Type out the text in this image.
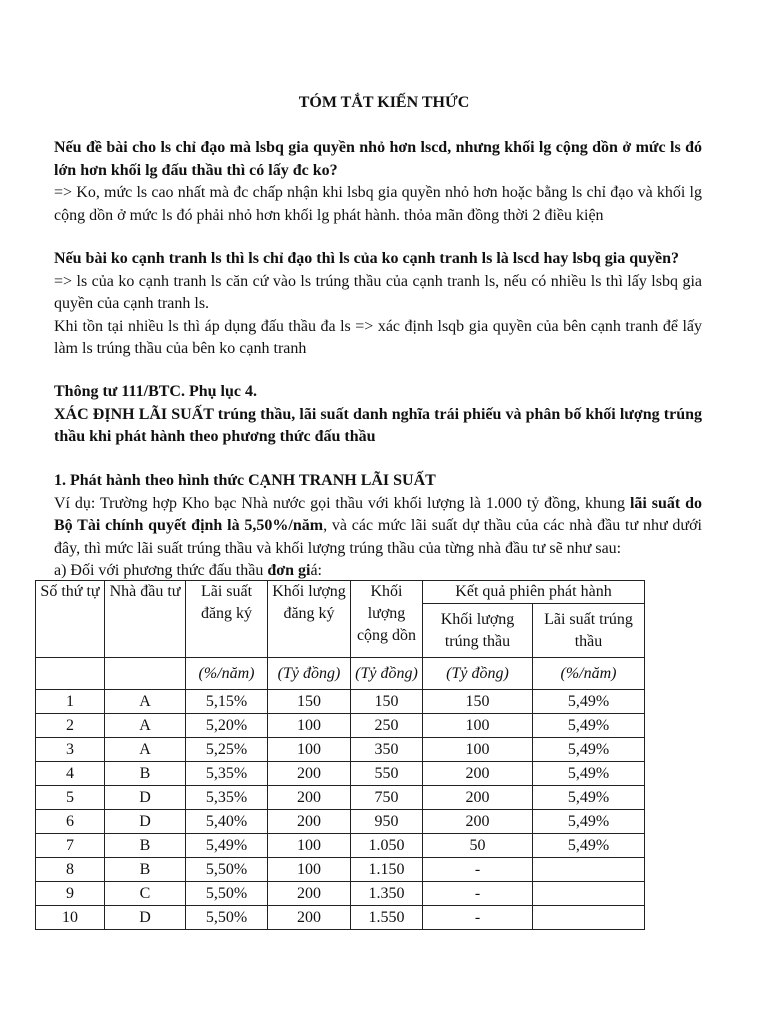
TÓM TẮT KIẾN THỨC

Nếu đề bài cho ls chỉ đạo mà lsbq gia quyền nhỏ hơn lscd, nhưng khối lg cộng dồn ở mức ls đó lớn hơn khối lg đấu thầu thì có lấy đc ko?

=> Ko, mức ls cao nhất mà đc chấp nhận khi lsbq gia quyền nhỏ hơn hoặc bằng ls chỉ đạo và khối lg cộng dồn ở mức ls đó phải nhỏ hơn khối lg phát hành. thỏa mãn đồng thời 2 điều kiện

Nếu bài ko cạnh tranh ls thì ls chỉ đạo thì ls của ko cạnh tranh ls là lscd hay lsbq gia quyền?

=> ls của ko cạnh tranh ls căn cứ vào ls trúng thầu của cạnh tranh ls, nếu có nhiều ls thì lấy lsbq gia quyền của cạnh tranh ls.

Khi tồn tại nhiều ls thì áp dụng đấu thầu đa ls => xác định lsqb gia quyền của bên cạnh tranh để lấy làm ls trúng thầu của bên ko cạnh tranh

Thông tư 111/BTC. Phụ lục 4.

XÁC ĐỊNH LÃI SUẤT trúng thầu, lãi suất danh nghĩa trái phiếu và phân bố khối lượng trúng thầu khi phát hành theo phương thức đấu thầu

1. Phát hành theo hình thức CẠNH TRANH LÃI SUẤT

Ví dụ: Trường hợp Kho bạc Nhà nước gọi thầu với khối lượng là 1.000 tỷ đồng, khung lãi suất do Bộ Tài chính quyết định là 5,50%/năm, và các mức lãi suất dự thầu của các nhà đầu tư như dưới đây, thì mức lãi suất trúng thầu và khối lượng trúng thầu của từng nhà đầu tư sẽ như sau:

a) Đối với phương thức đấu thầu đơn giá:

Số thứ tự	Nhà đầu tư	Lãi suất đăng ký	Khối lượng đăng ký	Khối lượng cộng dồn	Kết quả phiên phát hành	
					Khối lượng trúng thầu	Lãi suất trúng thầu
		(%/năm)	(Tỷ đồng)	(Tỷ đồng)	(Tỷ đồng)	(%/năm)
1	A	5,15%	150	150	150	5,49%
2	A	5,20%	100	250	100	5,49%
3	A	5,25%	100	350	100	5,49%
4	B	5,35%	200	550	200	5,49%
5	D	5,35%	200	750	200	5,49%
6	D	5,40%	200	950	200	5,49%
7	B	5,49%	100	1.050	50	5,49%
8	B	5,50%	100	1.150	-	
9	C	5,50%	200	1.350	-	
10	D	5,50%	200	1.550	-	
